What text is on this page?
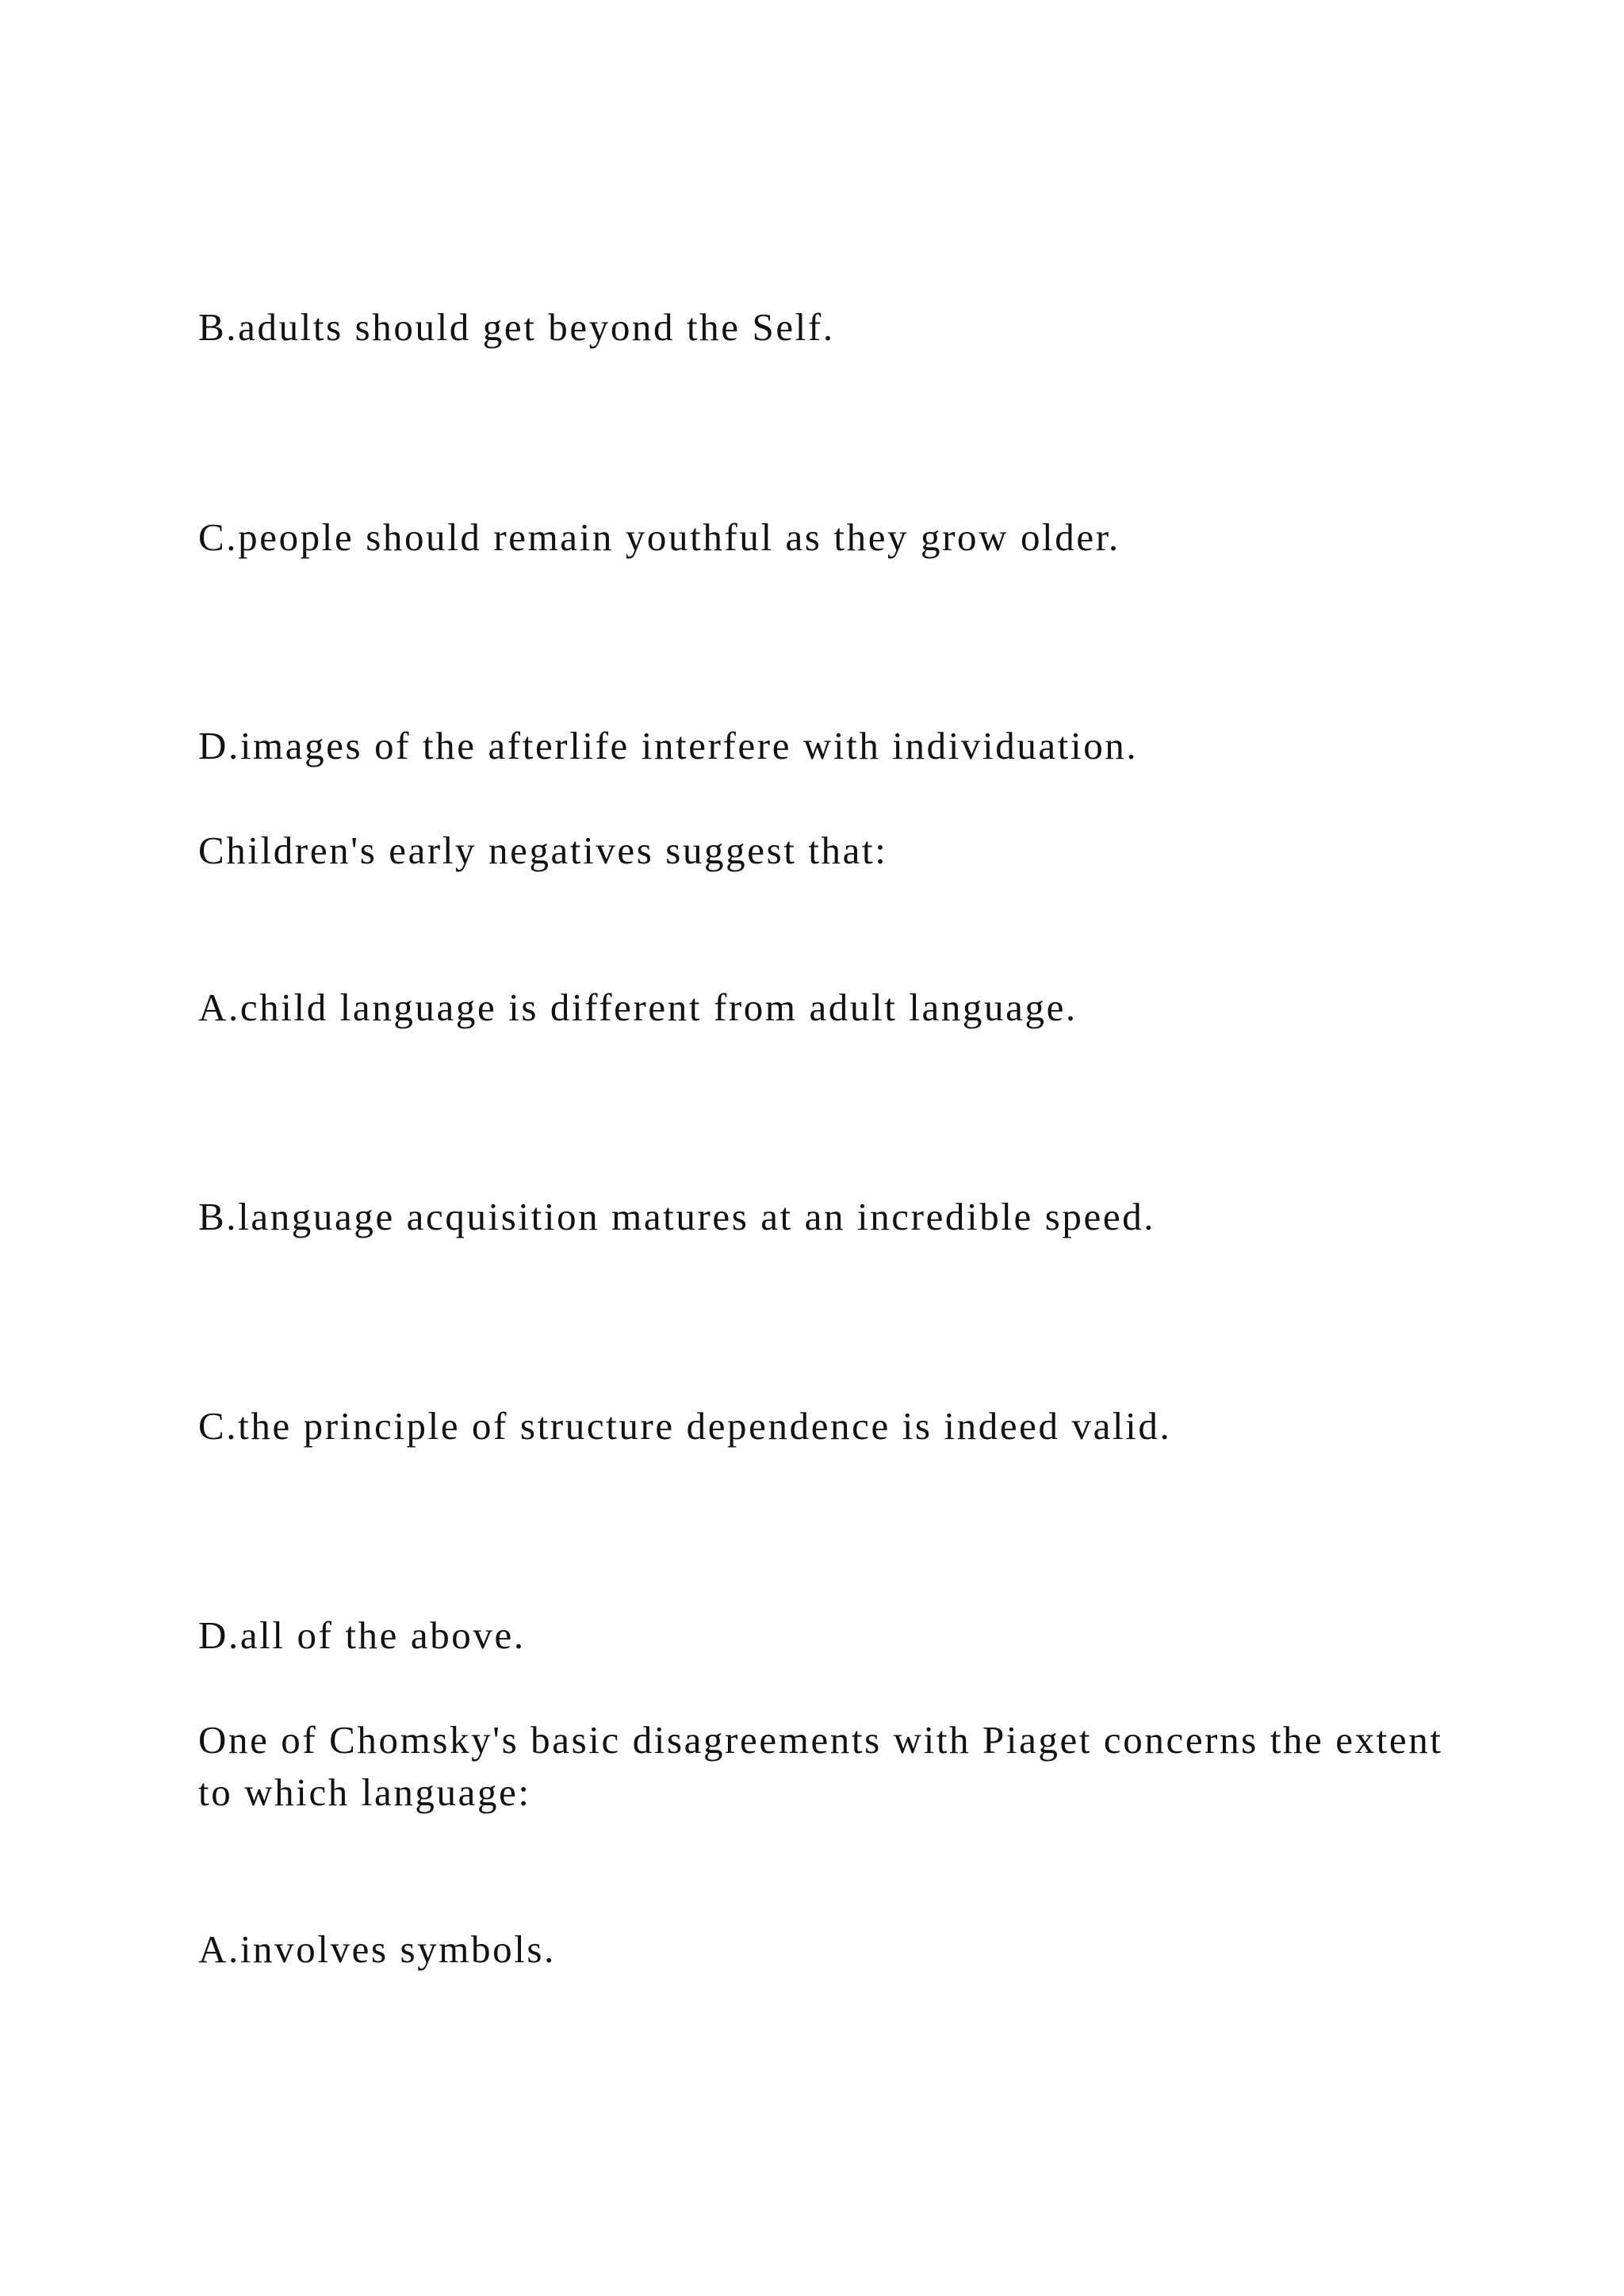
B.adults should get beyond the Self.

C.people should remain youthful as they grow older.

D.images of the afterlife interfere with individuation.

Children's early negatives suggest that:

A.child language is different from adult language.

B.language acquisition matures at an incredible speed.

C.the principle of structure dependence is indeed valid.

D.all of the above.

One of Chomsky's basic disagreements with Piaget concerns the extent to which language:

A.involves symbols.
